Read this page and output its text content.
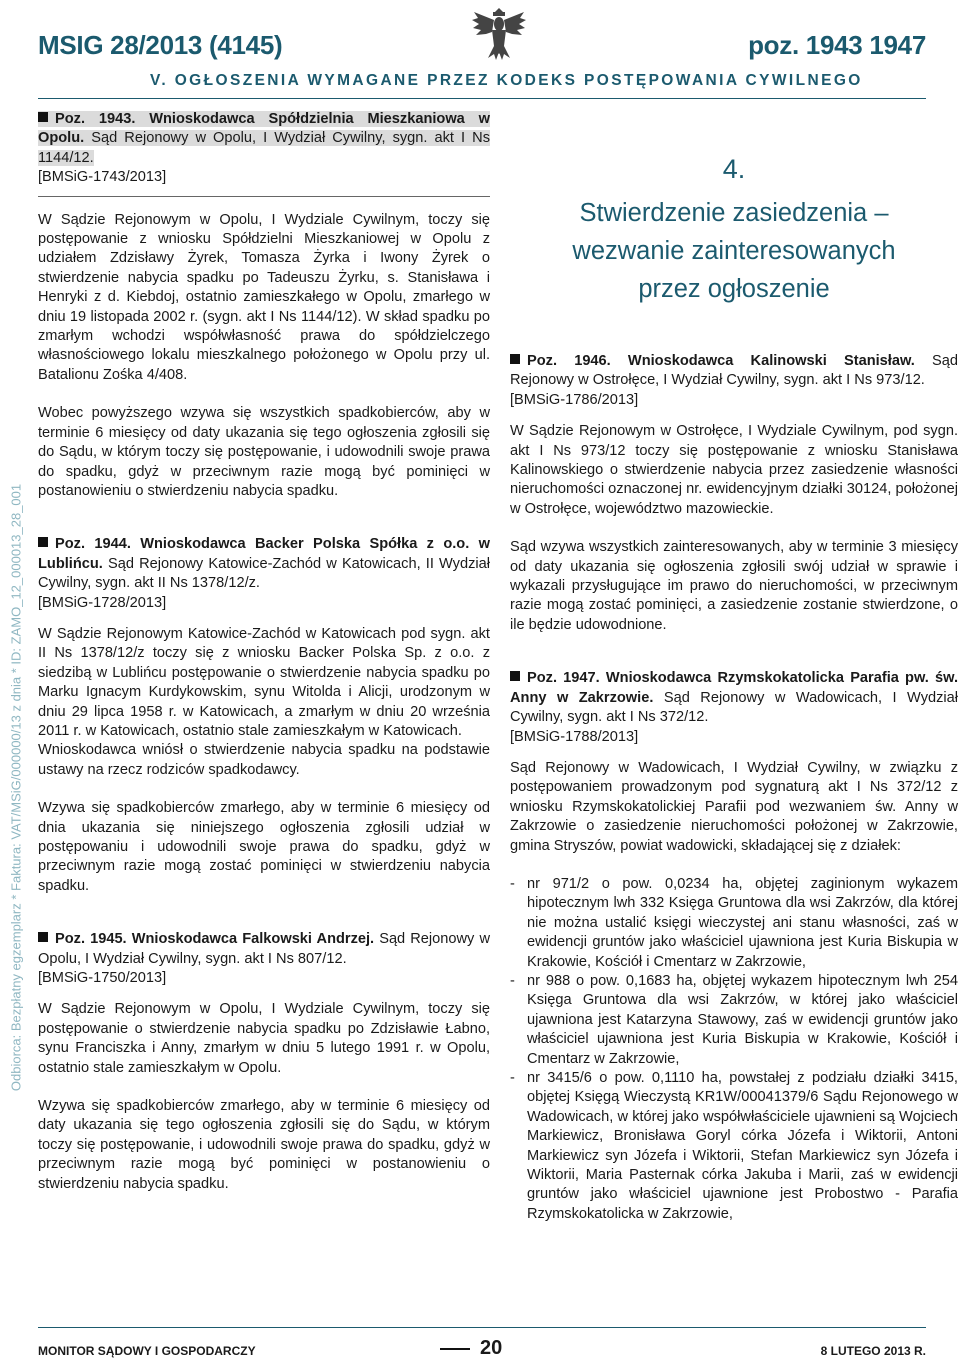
MSIG 28/2013 (4145)	poz. 1943 1947
V. OGŁOSZENIA WYMAGANE PRZEZ KODEKS POSTĘPOWANIA CYWILNEGO
Odbiorca: Bezpłatny egzemplarz * Faktura: VAT/MSiG/000000/13 z dnia * ID: ZAMO_12_000013_28_001

Poz. 1943. Wnioskodawca Spółdzielnia Mieszkaniowa w Opolu. Sąd Rejonowy w Opolu, I Wydział Cywilny, sygn. akt I Ns 1144/12.

[BMSiG-1743/2013]

W Sądzie Rejonowym w Opolu, I Wydziale Cywilnym, toczy się postępowanie z wniosku Spółdzielni Mieszkaniowej w Opolu z udziałem Zdzisławy Żyrek, Tomasza Żyrka i Iwony Żyrek o stwierdzenie nabycia spadku po Tadeuszu Żyrku, s. Stanisława i Henryki z d. Kiebdoj, ostatnio zamieszkałego w Opolu, zmarłego w dniu 19 listopada 2002 r. (sygn. akt I Ns 1144/12). W skład spadku po zmarłym wchodzi współwłasność prawa do spółdzielczego własnościowego lokalu mieszkalnego położonego w Opolu przy ul. Batalionu Zośka 4/408.

Wobec powyższego wzywa się wszystkich spadkobierców, aby w terminie 6 miesięcy od daty ukazania się tego ogłoszenia zgłosili się do Sądu, w którym toczy się postępowanie, i udowodnili swoje prawa do spadku, gdyż w przeciwnym razie mogą być pominięci w postanowieniu o stwierdzeniu nabycia spadku.

Poz. 1944. Wnioskodawca Backer Polska Spółka z o.o. w Lublińcu. Sąd Rejonowy Katowice-Zachód w Katowicach, II Wydział Cywilny, sygn. akt II Ns 1378/12/z.

[BMSiG-1728/2013]

W Sądzie Rejonowym Katowice-Zachód w Katowicach pod sygn. akt II Ns 1378/12/z toczy się z wniosku Backer Polska Sp. z o.o. z siedzibą w Lublińcu postępowanie o stwierdzenie nabycia spadku po Marku Ignacym Kurdykowskim, synu Witolda i Alicji, urodzonym w dniu 29 lipca 1958 r. w Katowicach, a zmarłym w dniu 20 września 2011 r. w Katowicach, ostatnio stale zamieszkałym w Katowicach.

Wnioskodawca wniósł o stwierdzenie nabycia spadku na podstawie ustawy na rzecz rodziców spadkodawcy.

Wzywa się spadkobierców zmarłego, aby w terminie 6 miesięcy od dnia ukazania się niniejszego ogłoszenia zgłosili udział w postępowaniu i udowodnili swoje prawa do spadku, gdyż w przeciwnym razie mogą zostać pominięci w stwierdzeniu nabycia spadku.

Poz. 1945. Wnioskodawca Falkowski Andrzej. Sąd Rejonowy w Opolu, I Wydział Cywilny, sygn. akt I Ns 807/12.

[BMSiG-1750/2013]

W Sądzie Rejonowym w Opolu, I Wydziale Cywilnym, toczy się postępowanie o stwierdzenie nabycia spadku po Zdzisławie Łabno, synu Franciszka i Anny, zmarłym w dniu 5 lutego 1991 r. w Opolu, ostatnio stale zamieszkałym w Opolu.

Wzywa się spadkobierców zmarłego, aby w terminie 6 miesięcy od daty ukazania się tego ogłoszenia zgłosili się do Sądu, w którym toczy się postępowanie, i udowodnili swoje prawa do spadku, gdyż w przeciwnym razie mogą być pominięci w postanowieniu o stwierdzeniu nabycia spadku.

4.
Stwierdzenie zasiedzenia –
wezwanie zainteresowanych
przez ogłoszenie

Poz. 1946. Wnioskodawca Kalinowski Stanisław. Sąd Rejonowy w Ostrołęce, I Wydział Cywilny, sygn. akt I Ns 973/12.

[BMSiG-1786/2013]

W Sądzie Rejonowym w Ostrołęce, I Wydziale Cywilnym, pod sygn. akt I Ns 973/12 toczy się postępowanie z wniosku Stanisława Kalinowskiego o stwierdzenie nabycia przez zasiedzenie własności nieruchomości oznaczonej nr. ewidencyjnym działki 30124, położonej w Ostrołęce, województwo mazowieckie.

Sąd wzywa wszystkich zainteresowanych, aby w terminie 3 miesięcy od daty ukazania się ogłoszenia zgłosili swój udział w sprawie i wykazali przysługujące im prawo do nieruchomości, w przeciwnym razie mogą zostać pominięci, a zasiedzenie zostanie stwierdzone, o ile będzie udowodnione.

Poz. 1947. Wnioskodawca Rzymskokatolicka Parafia pw. św. Anny w Zakrzowie. Sąd Rejonowy w Wadowicach, I Wydział Cywilny, sygn. akt I Ns 372/12.

[BMSiG-1788/2013]

Sąd Rejonowy w Wadowicach, I Wydział Cywilny, w związku z postępowaniem prowadzonym pod sygnaturą akt I Ns 372/12 z wniosku Rzymskokatolickiej Parafii pod wezwaniem św. Anny w Zakrzowie o zasiedzenie nieruchomości położonej w Zakrzowie, gmina Stryszów, powiat wadowicki, składającej się z działek:

- nr 971/2 o pow. 0,0234 ha, objętej zaginionym wykazem hipotecznym lwh 332 Księga Gruntowa dla wsi Zakrzów, dla której nie można ustalić księgi wieczystej ani stanu własności, zaś w ewidencji gruntów jako właściciel ujawniona jest Kuria Biskupia w Krakowie, Kościół i Cmentarz w Zakrzowie,
- nr 988 o pow. 0,1683 ha, objętej wykazem hipotecznym lwh 254 Księga Gruntowa dla wsi Zakrzów, w której jako właściciel ujawniona jest Katarzyna Stawowy, zaś w ewidencji gruntów jako właściciel ujawniona jest Kuria Biskupia w Krakowie, Kościół i Cmentarz w Zakrzowie,
- nr 3415/6 o pow. 0,1110 ha, powstałej z podziału działki 3415, objętej Księgą Wieczystą KR1W/00041379/6 Sądu Rejonowego w Wadowicach, w której jako współwłaściciele ujawnieni są Wojciech Markiewicz, Bronisława Goryl córka Józefa i Wiktorii, Antoni Markiewicz syn Józefa i Wiktorii, Stefan Markiewicz syn Józefa i Wiktorii, Maria Pasternak córka Jakuba i Marii, zaś w ewidencji gruntów jako właściciel ujawnione jest Probostwo - Parafia Rzymskokatolicka w Zakrzowie,
MONITOR SĄDOWY I GOSPODARCZY	20	8 LUTEGO 2013 R.
